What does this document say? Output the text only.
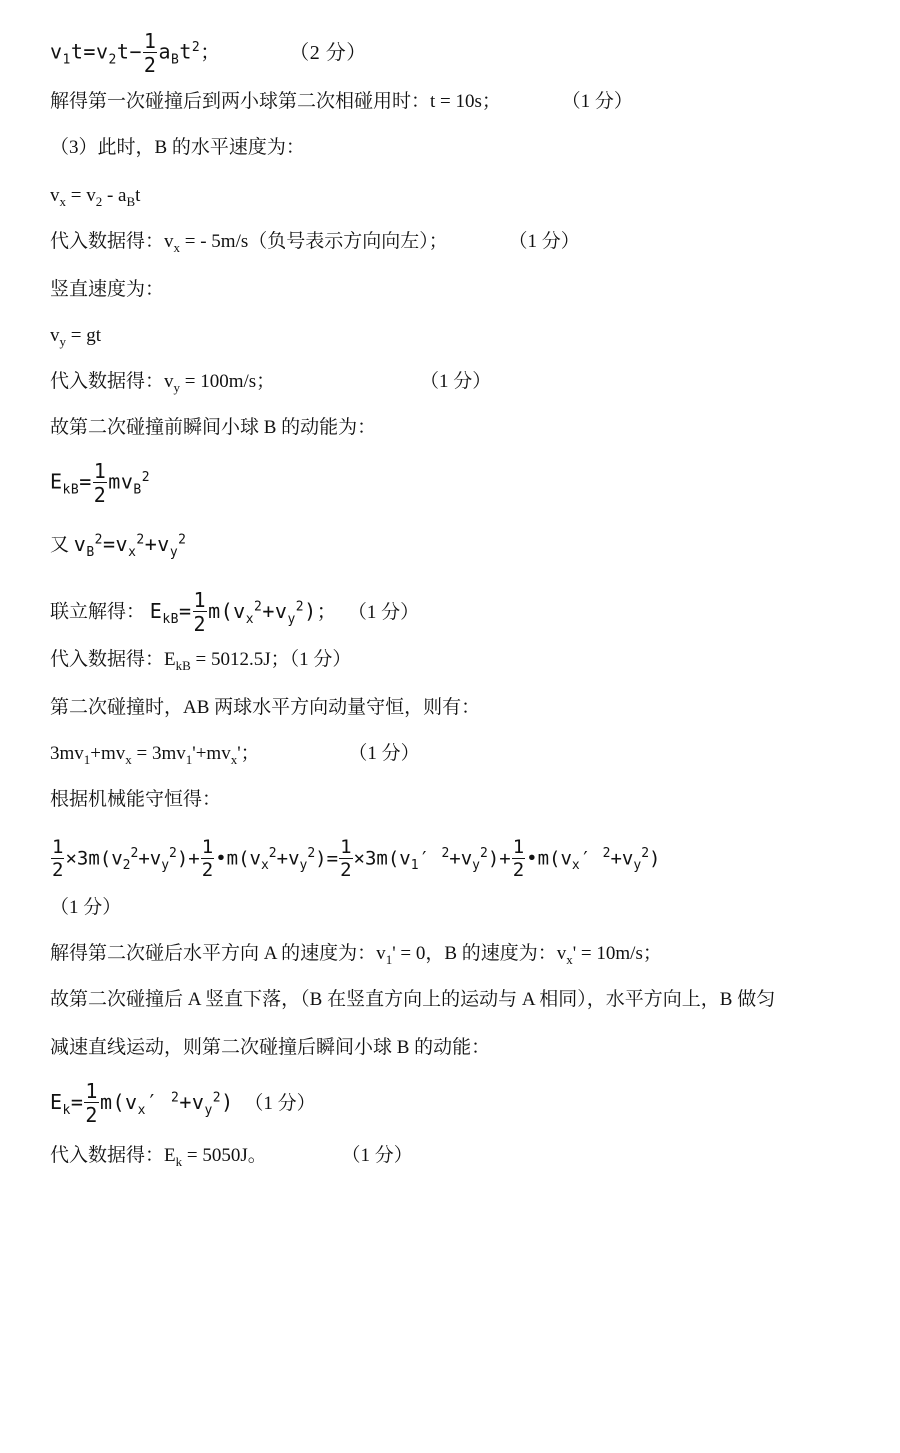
$v_1t=v_2t- \frac{1}{2} a_Bt^2$；	（2 分）
解得第一次碰撞后到两小球第二次相碰用时：t = 10s；	（1 分）
（3）此时，B 的水平速度为：
$v_x = v_2 - a_Bt$
代入数据得：$v_x$ = - 5m/s（负号表示方向向左）；	（1 分）
竖直速度为：
$v_y$ = gt
代入数据得：$v_y = 100m/s$；	（1 分）
故第二次碰撞前瞬间小球 B 的动能为：
$E_{kB}= \frac{1}{2} mv_B^2$
又 $v_B^2=v_x^2+v_y^2$
联立解得： $E_{kB}= \frac{1}{2} m(v_x^2+v_y^2)$； （1 分）
代入数据得：$E_{kB} = 5012.5J$；（1 分）
第二次碰撞时，AB 两球水平方向动量守恒，则有：
$3mv_1+mv_x = 3mv_1'+mv_x'$；	（1 分）
根据机械能守恒得：
$\frac{1}{2} \times 3m(v_2^2+v_y^2)+ \frac{1}{2}$ $•m(v_x^2+v_y^2)= \frac{1}{2} \times 3m(v_1'$ $^2+v_y^2)+ \frac{1}{2}$ $•m(v_x'$ $^2+v_y^2$)
（1 分）
解得第二次碰后水平方向 A 的速度为：$v_1' = 0$，B 的速度为：$v_x' = 10m/s$；
故第二次碰撞后 A 竖直下落，（B 在竖直方向上的运动与 A 相同），水平方向上，B 做匀
减速直线运动，则第二次碰撞后瞬间小球 B 的动能：
$E_k= \frac{1}{2} m(v_x'$ $^2+v_y^2$) （1 分）
代入数据得：$E_k = 5050J$。	（1 分）
